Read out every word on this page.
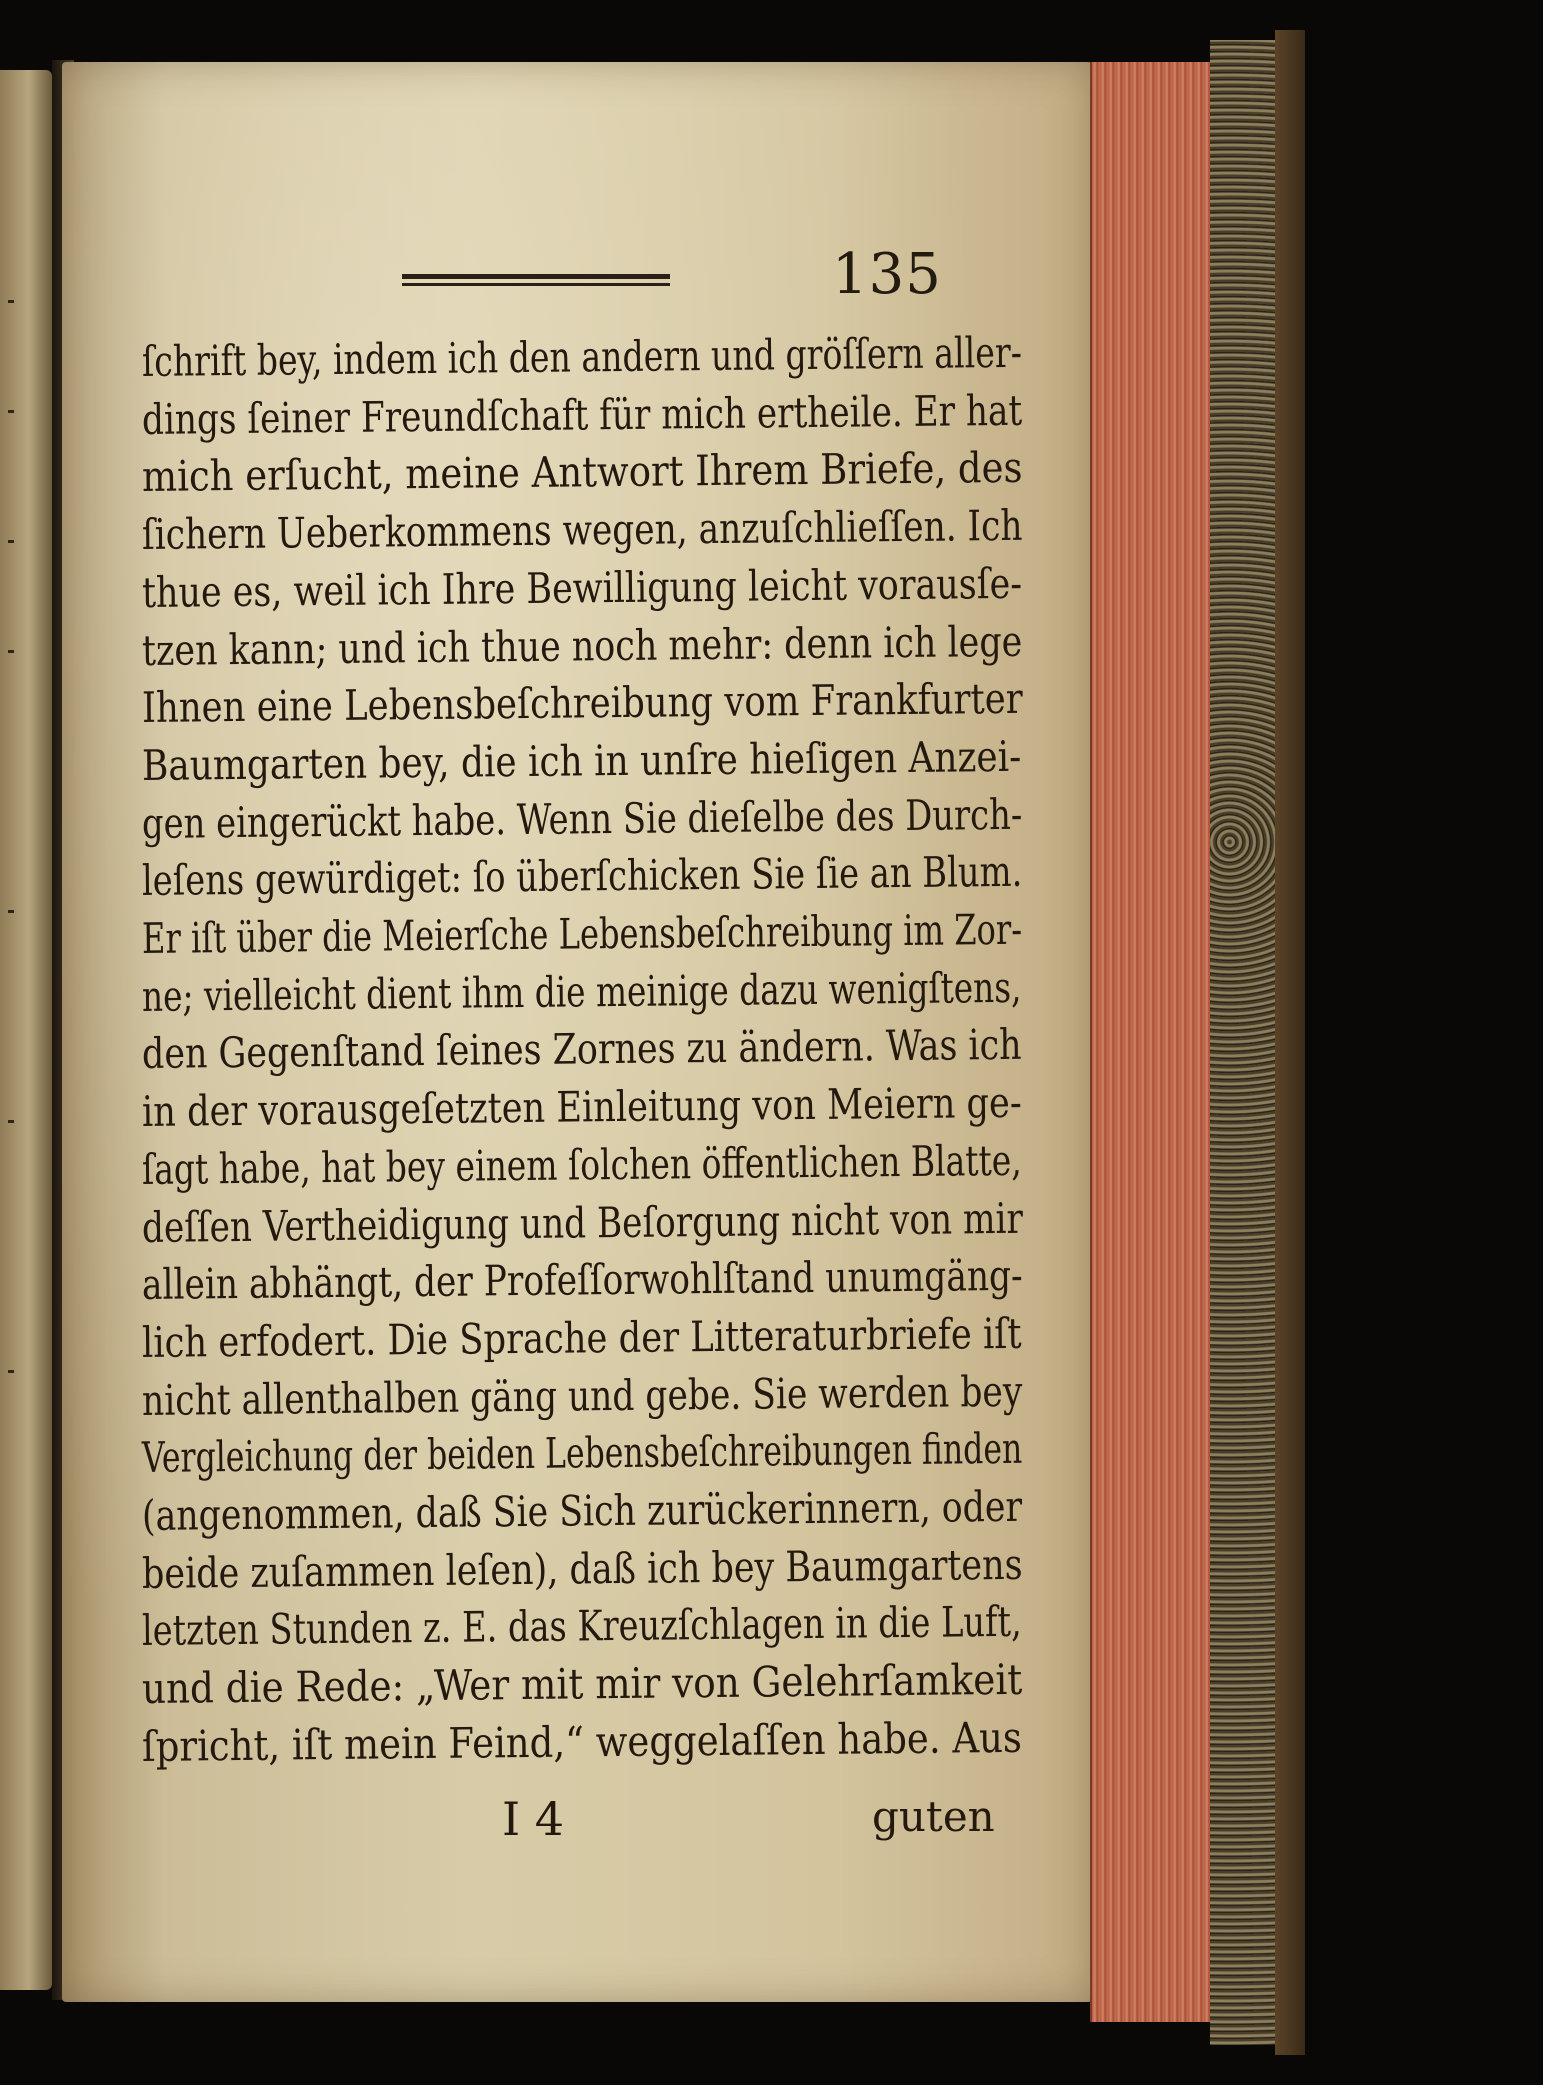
135
ſchrift bey, indem ich den andern und gröſſern aller-
dings ſeiner Freundſchaft für mich ertheile. Er hat
mich erſucht, meine Antwort Ihrem Briefe, des
ſichern Ueberkommens wegen, anzuſchlieſſen. Ich
thue es, weil ich Ihre Bewilligung leicht vorausſe-
tzen kann; und ich thue noch mehr: denn ich lege
Ihnen eine Lebensbeſchreibung vom Frankfurter
Baumgarten bey, die ich in unſre hieſigen Anzei-
gen eingerückt habe. Wenn Sie dieſelbe des Durch-
leſens gewürdiget: ſo überſchicken Sie ſie an Blum.
Er iſt über die Meierſche Lebensbeſchreibung im Zor-
ne; vielleicht dient ihm die meinige dazu wenigſtens,
den Gegenſtand ſeines Zornes zu ändern. Was ich
in der vorausgeſetzten Einleitung von Meiern ge-
ſagt habe, hat bey einem ſolchen öffentlichen Blatte,
deſſen Vertheidigung und Beſorgung nicht von mir
allein abhängt, der Profeſſorwohlſtand unumgäng-
lich erfodert. Die Sprache der Litteraturbriefe iſt
nicht allenthalben gäng und gebe. Sie werden bey
Vergleichung der beiden Lebensbeſchreibungen finden
(angenommen, daß Sie Sich zurückerinnern, oder
beide zuſammen leſen), daß ich bey Baumgartens
letzten Stunden z. E. das Kreuzſchlagen in die Luft,
und die Rede: „Wer mit mir von Gelehrſamkeit
ſpricht, iſt mein Feind,“ weggelaſſen habe. Aus
I 4	guten
